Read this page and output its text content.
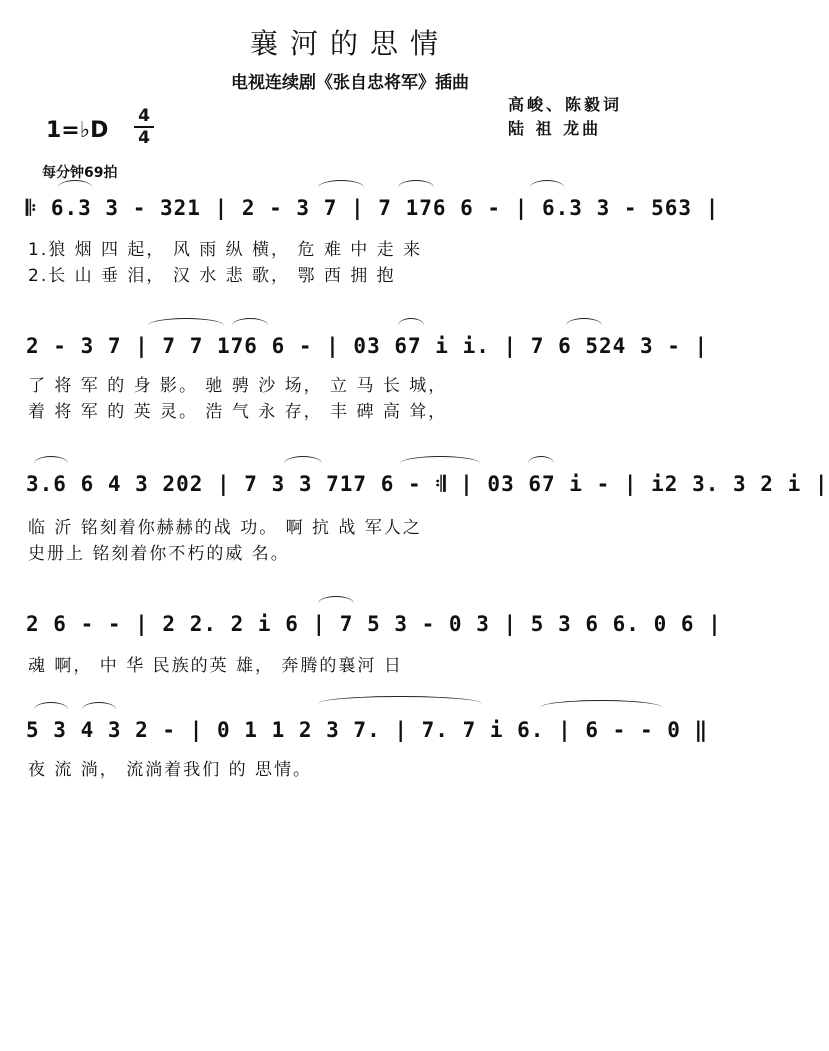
襄河的思情
电视连续剧《张自忠将军》插曲
1=♭D
4
4
高峻、陈毅词
陆 祖 龙曲
每分钟69拍
𝄆 6.3 3 - 321 | 2 - 3 7 | 7 176 6 - | 6.3 3 - 563 |
1.狼 烟 四 起， 风 雨 纵 横， 危 难 中 走 来
2.长 山 垂 泪， 汉 水 悲 歌， 鄂 西 拥 抱
2 - 3 7 | 7 7 176 6 - | 03 67 i i. | 7 6 524 3 - |
了 将 军 的 身 影。 驰 骋 沙 场， 立 马 长 城，
着 将 军 的 英 灵。 浩 气 永 存， 丰 碑 高 耸，
3.6 6 4 3 202 | 7 3 3 717 6 - 𝄇 | 03 67 i - | i2 3. 3 2 i |
临 沂 铭刻着你赫赫的战 功。 啊 抗 战 军人之
史册上 铭刻着你不朽的威 名。
2 6 - - | 2 2. 2 i 6 | 7 5 3 - 0 3 | 5 3 6 6. 0 6 |
魂 啊， 中 华 民族的英 雄， 奔腾的襄河 日
5 3 4 3 2 - | 0 1 1 2 3 7. | 7. 7 i 6. | 6 - - 0 ‖
夜 流 淌， 流淌着我们 的 思情。
